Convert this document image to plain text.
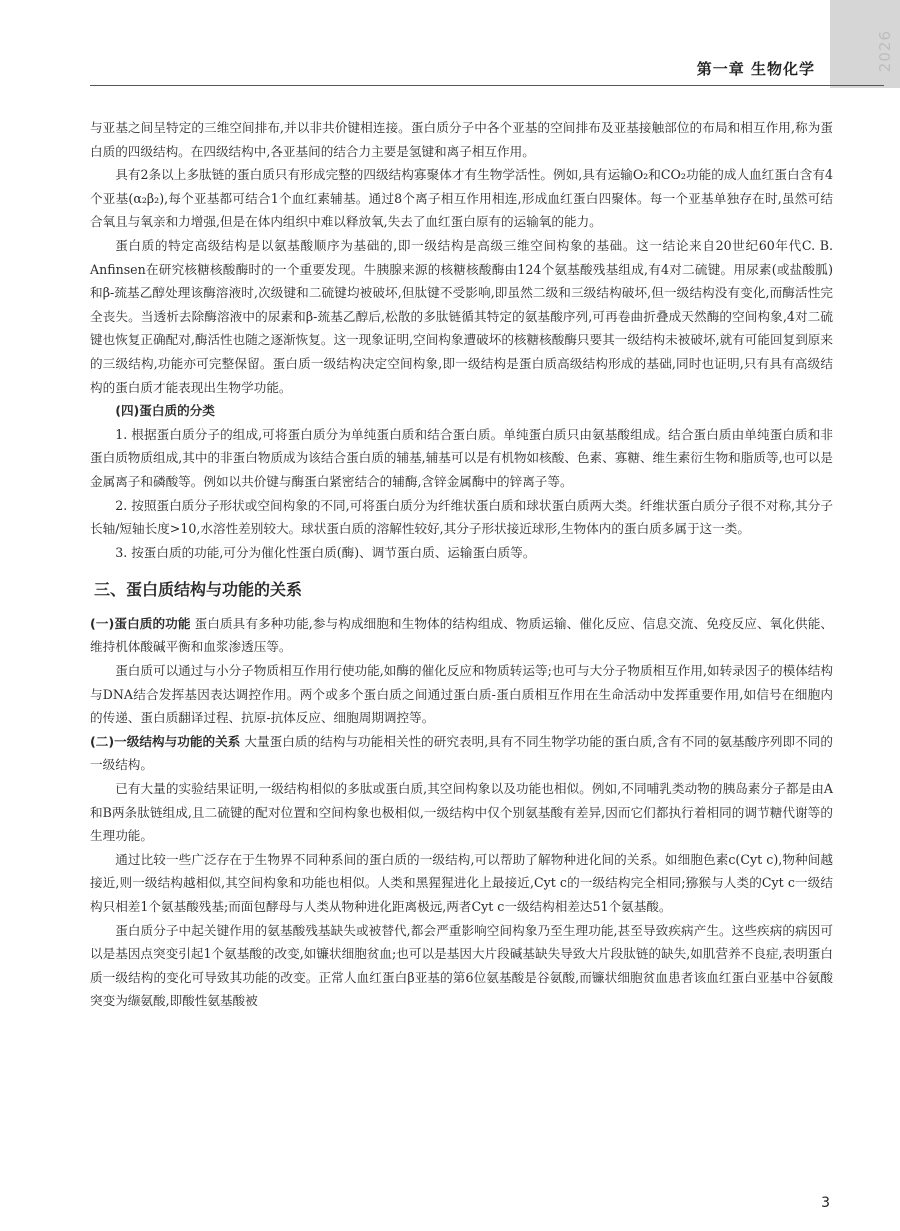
2026
第一章 生物化学

与亚基之间呈特定的三维空间排布,并以非共价键相连接。蛋白质分子中各个亚基的空间排布及亚基接触部位的布局和相互作用,称为蛋白质的四级结构。在四级结构中,各亚基间的结合力主要是氢键和离子相互作用。

具有2条以上多肽链的蛋白质只有形成完整的四级结构寡聚体才有生物学活性。例如,具有运输O₂和CO₂功能的成人血红蛋白含有4个亚基(α₂β₂),每个亚基都可结合1个血红素辅基。通过8个离子相互作用相连,形成血红蛋白四聚体。每一个亚基单独存在时,虽然可结合氧且与氧亲和力增强,但是在体内组织中难以释放氧,失去了血红蛋白原有的运输氧的能力。

蛋白质的特定高级结构是以氨基酸顺序为基础的,即一级结构是高级三维空间构象的基础。这一结论来自20世纪60年代C. B. Anfinsen在研究核糖核酸酶时的一个重要发现。牛胰腺来源的核糖核酸酶由124个氨基酸残基组成,有4对二硫键。用尿素(或盐酸胍)和β-巯基乙醇处理该酶溶液时,次级键和二硫键均被破坏,但肽键不受影响,即虽然二级和三级结构破坏,但一级结构没有变化,而酶活性完全丧失。当透析去除酶溶液中的尿素和β-巯基乙醇后,松散的多肽链循其特定的氨基酸序列,可再卷曲折叠成天然酶的空间构象,4对二硫键也恢复正确配对,酶活性也随之逐渐恢复。这一现象证明,空间构象遭破坏的核糖核酸酶只要其一级结构未被破坏,就有可能回复到原来的三级结构,功能亦可完整保留。蛋白质一级结构决定空间构象,即一级结构是蛋白质高级结构形成的基础,同时也证明,只有具有高级结构的蛋白质才能表现出生物学功能。

(四)蛋白质的分类

1. 根据蛋白质分子的组成,可将蛋白质分为单纯蛋白质和结合蛋白质。单纯蛋白质只由氨基酸组成。结合蛋白质由单纯蛋白质和非蛋白质物质组成,其中的非蛋白物质成为该结合蛋白质的辅基,辅基可以是有机物如核酸、色素、寡糖、维生素衍生物和脂质等,也可以是金属离子和磷酸等。例如以共价键与酶蛋白紧密结合的辅酶,含锌金属酶中的锌离子等。

2. 按照蛋白质分子形状或空间构象的不同,可将蛋白质分为纤维状蛋白质和球状蛋白质两大类。纤维状蛋白质分子很不对称,其分子长轴/短轴长度>10,水溶性差别较大。球状蛋白质的溶解性较好,其分子形状接近球形,生物体内的蛋白质多属于这一类。

3. 按蛋白质的功能,可分为催化性蛋白质(酶)、调节蛋白质、运输蛋白质等。

三、蛋白质结构与功能的关系

(一)蛋白质的功能 蛋白质具有多种功能,参与构成细胞和生物体的结构组成、物质运输、催化反应、信息交流、免疫反应、氧化供能、维持机体酸碱平衡和血浆渗透压等。

蛋白质可以通过与小分子物质相互作用行使功能,如酶的催化反应和物质转运等;也可与大分子物质相互作用,如转录因子的模体结构与DNA结合发挥基因表达调控作用。两个或多个蛋白质之间通过蛋白质-蛋白质相互作用在生命活动中发挥重要作用,如信号在细胞内的传递、蛋白质翻译过程、抗原-抗体反应、细胞周期调控等。

(二)一级结构与功能的关系 大量蛋白质的结构与功能相关性的研究表明,具有不同生物学功能的蛋白质,含有不同的氨基酸序列即不同的一级结构。

已有大量的实验结果证明,一级结构相似的多肽或蛋白质,其空间构象以及功能也相似。例如,不同哺乳类动物的胰岛素分子都是由A和B两条肽链组成,且二硫键的配对位置和空间构象也极相似,一级结构中仅个别氨基酸有差异,因而它们都执行着相同的调节糖代谢等的生理功能。

通过比较一些广泛存在于生物界不同种系间的蛋白质的一级结构,可以帮助了解物种进化间的关系。如细胞色素c(Cyt c),物种间越接近,则一级结构越相似,其空间构象和功能也相似。人类和黑猩猩进化上最接近,Cyt c的一级结构完全相同;猕猴与人类的Cyt c一级结构只相差1个氨基酸残基;而面包酵母与人类从物种进化距离极远,两者Cyt c一级结构相差达51个氨基酸。

蛋白质分子中起关键作用的氨基酸残基缺失或被替代,都会严重影响空间构象乃至生理功能,甚至导致疾病产生。这些疾病的病因可以是基因点突变引起1个氨基酸的改变,如镰状细胞贫血;也可以是基因大片段碱基缺失导致大片段肽链的缺失,如肌营养不良症,表明蛋白质一级结构的变化可导致其功能的改变。正常人血红蛋白β亚基的第6位氨基酸是谷氨酸,而镰状细胞贫血患者该血红蛋白亚基中谷氨酸突变为缬氨酸,即酸性氨基酸被

3
